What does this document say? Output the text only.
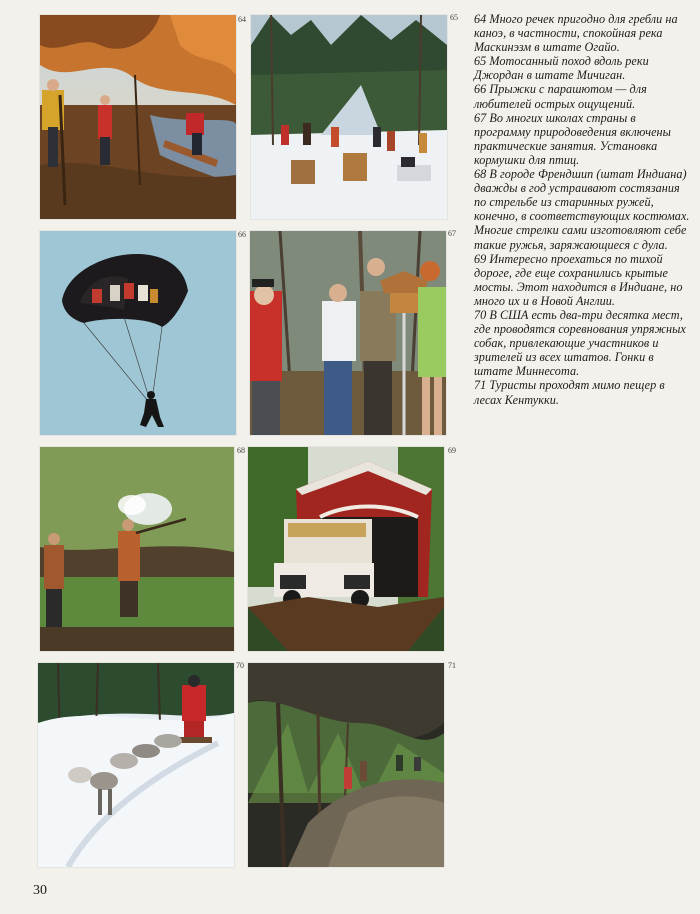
64	65
66	67
68	69
70	71

64 Много речек пригодно для гребли на каноэ, в частности, спокойная река Маскинэзм в штате Огайо.

65 Мотосанный поход вдоль реки Джордан в штате Мичиган.

66 Прыжки с парашютом — для любителей острых ощущений.

67 Во многих школах страны в программу природоведения включены практические занятия. Установка кормушки для птиц.

68 В городе Френдшип (штат Индиана) дважды в год устраивают состязания по стрельбе из старинных ружей, конечно, в соответствующих костюмах. Многие стрелки сами изготовляют себе такие ружья, заряжающиеся с дула.

69 Интересно проехаться по тихой дороге, где еще сохранились крытые мосты. Этот находится в Индиане, но много их и в Новой Англии.

70 В США есть два-три десятка мест, где проводятся соревнования упряжных собак, привлекающие участников и зрителей из всех штатов. Гонки в штате Миннесота.

71 Туристы проходят мимо пещер в лесах Кентукки.

30
